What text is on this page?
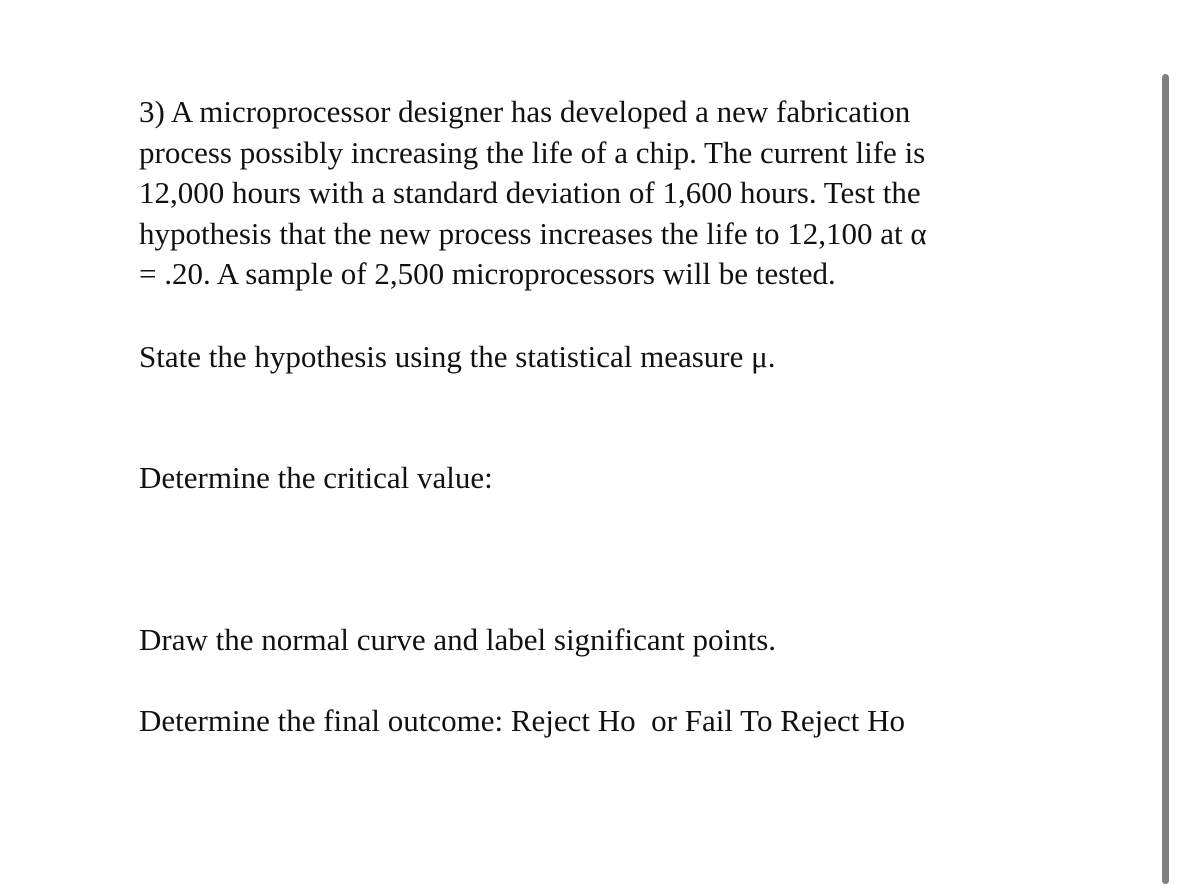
3) A microprocessor designer has developed a new fabrication
process possibly increasing the life of a chip. The current life is
12,000 hours with a standard deviation of 1,600 hours. Test the
hypothesis that the new process increases the life to 12,100 at α
= .20. A sample of 2,500 microprocessors will be tested.

State the hypothesis using the statistical measure μ.

Determine the critical value:

Draw the normal curve and label significant points.

Determine the final outcome: Reject Ho  or Fail To Reject Ho
